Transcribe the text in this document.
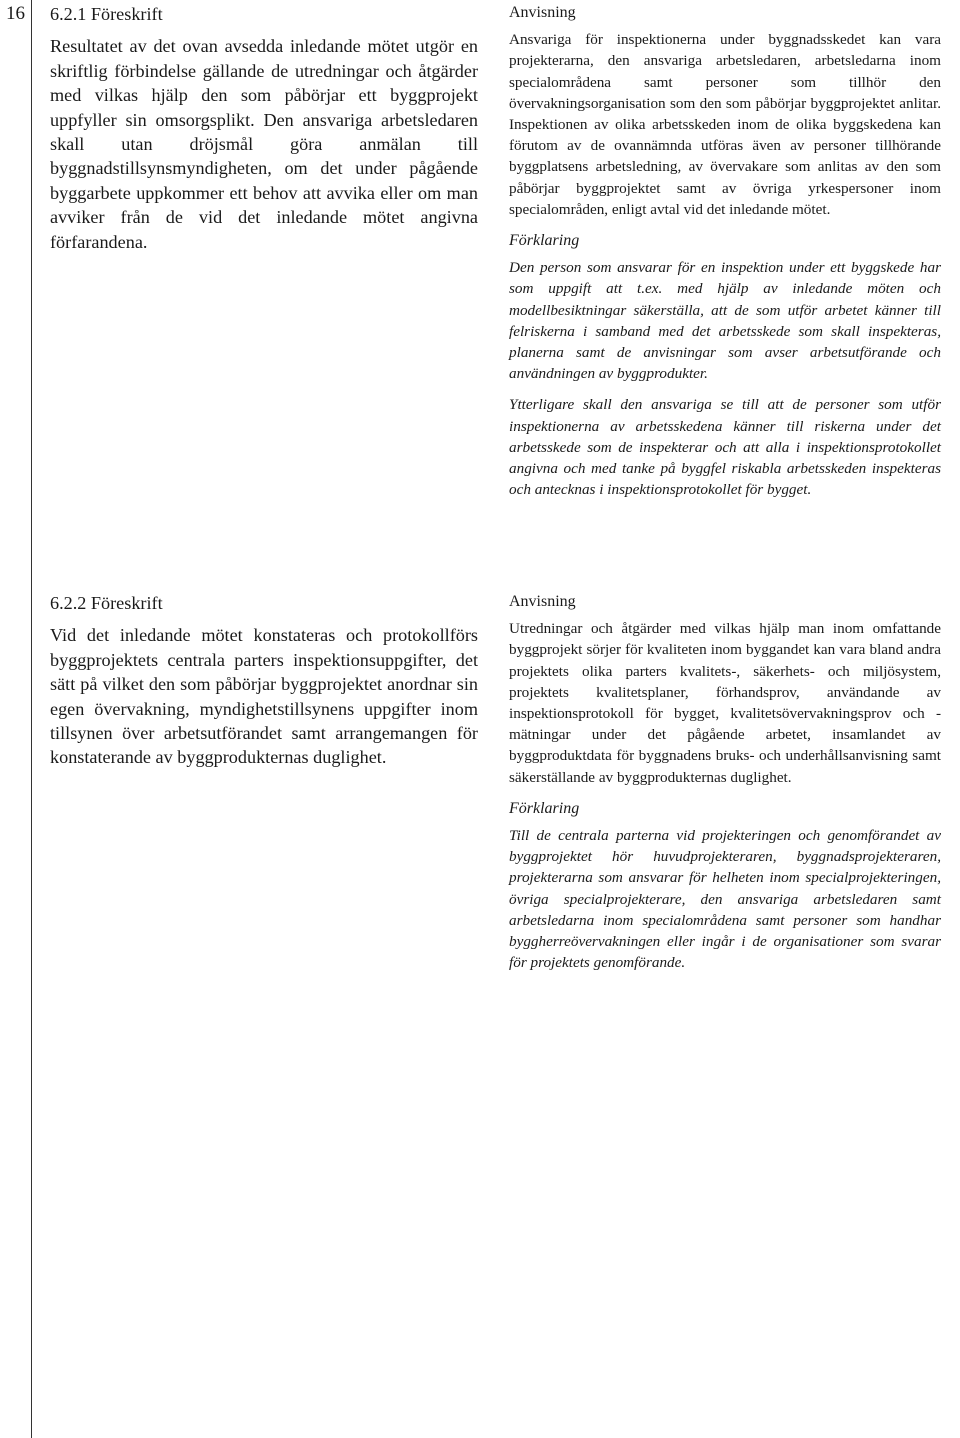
16 6.2.1 Föreskrift

Resultatet av det ovan avsedda inledande mötet utgör en skriftlig förbindelse gällande de utredningar och åtgärder med vilkas hjälp den som påbörjar ett byggprojekt uppfyller sin omsorgsplikt. Den ansvariga arbetsledaren skall utan dröjsmål göra anmälan till byggnadstillsynsmyndigheten, om det under pågående byggarbete uppkommer ett behov att avvika eller om man avviker från de vid det inledande mötet angivna förfarandena.

Anvisning

Ansvariga för inspektionerna under byggnadsskedet kan vara projekterarna, den ansvariga arbetsledaren, arbetsledarna inom specialområdena samt personer som tillhör den övervakningsorganisation som den som påbörjar byggprojektet anlitar. Inspektionen av olika arbetsskeden inom de olika byggskedena kan förutom av de ovannämnda utföras även av personer tillhörande byggplatsens arbetsledning, av övervakare som anlitas av den som påbörjar byggprojektet samt av övriga yrkespersoner inom specialområden, enligt avtal vid det inledande mötet.

Förklaring

Den person som ansvarar för en inspektion under ett byggskede har som uppgift att t.ex. med hjälp av inledande möten och modellbesiktningar säkerställa, att de som utför arbetet känner till felriskerna i samband med det arbetsskede som skall inspekteras, planerna samt de anvisningar som avser arbetsutförande och användningen av byggprodukter.

Ytterligare skall den ansvariga se till att de personer som utför inspektionerna av arbetsskedena känner till riskerna under det arbetsskede som de inspekterar och att alla i inspektionsprotokollet angivna och med tanke på byggfel riskabla arbetsskeden inspekteras och antecknas i inspektionsprotokollet för bygget.

6.2.2 Föreskrift

Vid det inledande mötet konstateras och protokollförs byggprojektets centrala parters inspektionsuppgifter, det sätt på vilket den som påbörjar byggprojektet anordnar sin egen övervakning, myndighetstillsynens uppgifter inom tillsynen över arbetsutförandet samt arrangemangen för konstaterande av byggprodukternas duglighet.

Anvisning

Utredningar och åtgärder med vilkas hjälp man inom omfattande byggprojekt sörjer för kvaliteten inom byggandet kan vara bland andra projektets olika parters kvalitets-, säkerhets- och miljösystem, projektets kvalitetsplaner, förhandsprov, användande av inspektionsprotokoll för bygget, kvalitetsövervakningsprov och -mätningar under det pågående arbetet, insamlandet av byggproduktdata för byggnadens bruks- och underhållsanvisning samt säkerställande av byggprodukternas duglighet.

Förklaring

Till de centrala parterna vid projekteringen och genomförandet av byggprojektet hör huvudprojekteraren, byggnadsprojekteraren, projekterarna som ansvarar för helheten inom specialprojekteringen, övriga specialprojekterare, den ansvariga arbetsledaren samt arbetsledarna inom specialområdena samt personer som handhar byggherreövervakningen eller ingår i de organisationer som svarar för projektets genomförande.
